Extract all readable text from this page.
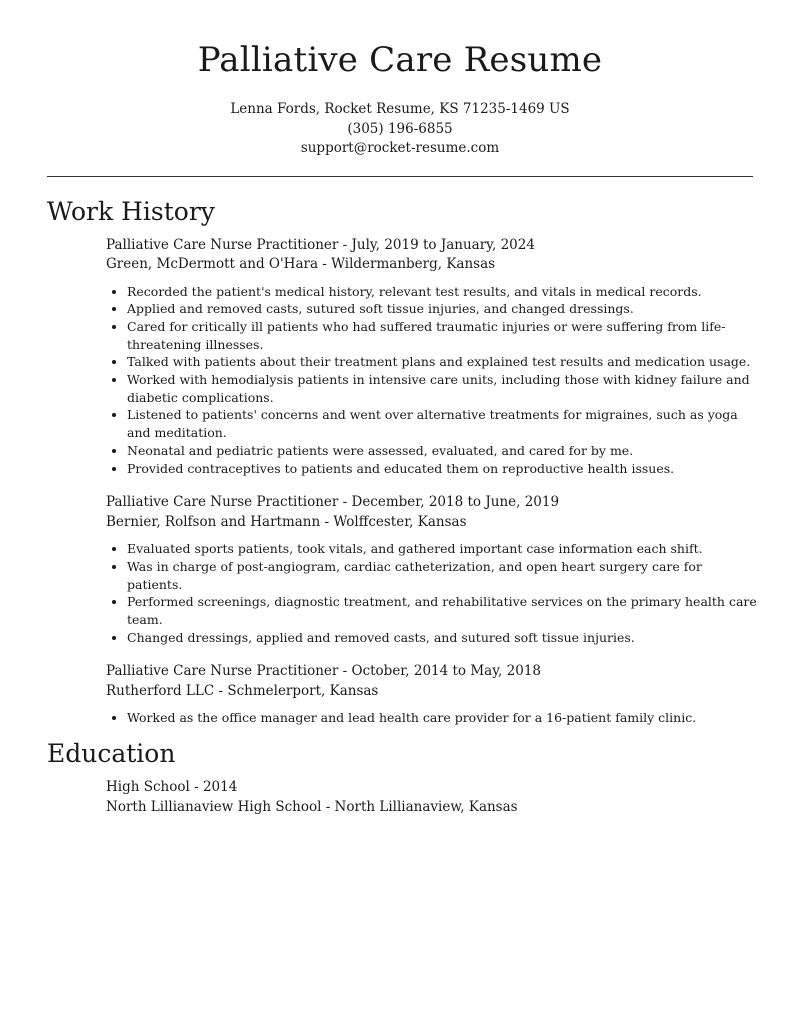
Palliative Care Resume
Lenna Fords, Rocket Resume, KS 71235-1469 US
(305) 196-6855
support@rocket-resume.com
Work History
Palliative Care Nurse Practitioner - July, 2019 to January, 2024
Green, McDermott and O'Hara - Wildermanberg, Kansas
• Recorded the patient's medical history, relevant test results, and vitals in medical records.
• Applied and removed casts, sutured soft tissue injuries, and changed dressings.
• Cared for critically ill patients who had suffered traumatic injuries or were suffering from life-threatening illnesses.
• Talked with patients about their treatment plans and explained test results and medication usage.
• Worked with hemodialysis patients in intensive care units, including those with kidney failure and diabetic complications.
• Listened to patients' concerns and went over alternative treatments for migraines, such as yoga and meditation.
• Neonatal and pediatric patients were assessed, evaluated, and cared for by me.
• Provided contraceptives to patients and educated them on reproductive health issues.
Palliative Care Nurse Practitioner - December, 2018 to June, 2019
Bernier, Rolfson and Hartmann - Wolffcester, Kansas
• Evaluated sports patients, took vitals, and gathered important case information each shift.
• Was in charge of post-angiogram, cardiac catheterization, and open heart surgery care for patients.
• Performed screenings, diagnostic treatment, and rehabilitative services on the primary health care team.
• Changed dressings, applied and removed casts, and sutured soft tissue injuries.
Palliative Care Nurse Practitioner - October, 2014 to May, 2018
Rutherford LLC - Schmelerport, Kansas
• Worked as the office manager and lead health care provider for a 16-patient family clinic.
Education
High School - 2014
North Lillianaview High School - North Lillianaview, Kansas
